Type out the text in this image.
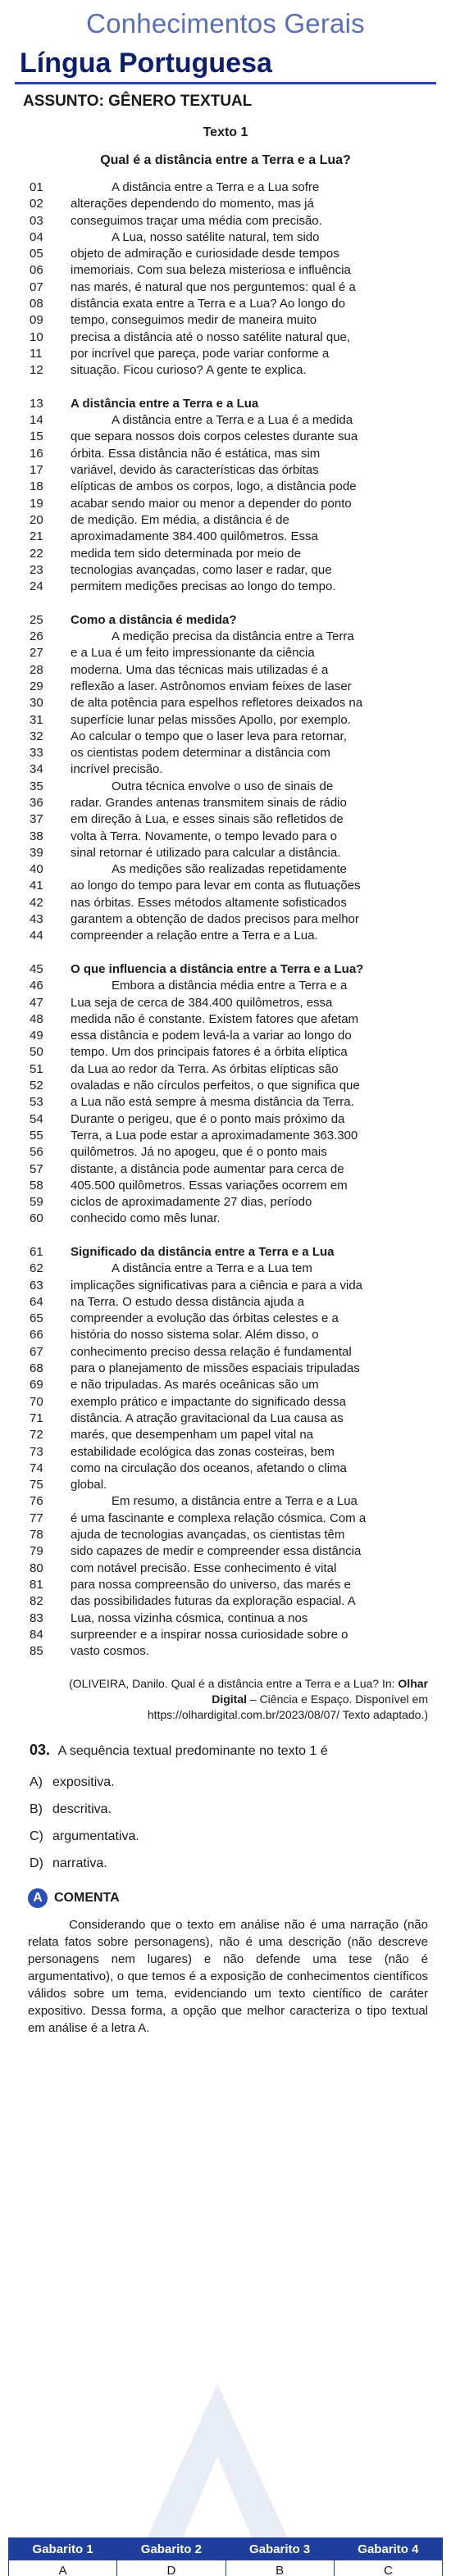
Conhecimentos Gerais
Língua Portuguesa
ASSUNTO: GÊNERO TEXTUAL
Texto 1
Qual é a distância entre a Terra e a Lua?
01	A distância entre a Terra e a Lua sofre
02	alterações dependendo do momento, mas já
03	conseguimos traçar uma média com precisão.
04	A Lua, nosso satélite natural, tem sido
05	objeto de admiração e curiosidade desde tempos
06	imemoriais. Com sua beleza misteriosa e influência
07	nas marés, é natural que nos perguntemos: qual é a
08	distância exata entre a Terra e a Lua? Ao longo do
09	tempo, conseguimos medir de maneira muito
10	precisa a distância até o nosso satélite natural que,
11	por incrível que pareça, pode variar conforme a
12	situação. Ficou curioso? A gente te explica.
13	A distância entre a Terra e a Lua
14	A distância entre a Terra e a Lua é a medida
15	que separa nossos dois corpos celestes durante sua
16	órbita. Essa distância não é estática, mas sim
17	variável, devido às características das órbitas
18	elípticas de ambos os corpos, logo, a distância pode
19	acabar sendo maior ou menor a depender do ponto
20	de medição. Em média, a distância é de
21	aproximadamente 384.400 quilômetros. Essa
22	medida tem sido determinada por meio de
23	tecnologias avançadas, como laser e radar, que
24	permitem medições precisas ao longo do tempo.
25	Como a distância é medida?
26	A medição precisa da distância entre a Terra
27	e a Lua é um feito impressionante da ciência
28	moderna. Uma das técnicas mais utilizadas é a
29	reflexão a laser. Astrônomos enviam feixes de laser
30	de alta potência para espelhos refletores deixados na
31	superfície lunar pelas missões Apollo, por exemplo.
32	Ao calcular o tempo que o laser leva para retornar,
33	os cientistas podem determinar a distância com
34	incrível precisão.
35	Outra técnica envolve o uso de sinais de
36	radar. Grandes antenas transmitem sinais de rádio
37	em direção à Lua, e esses sinais são refletidos de
38	volta à Terra. Novamente, o tempo levado para o
39	sinal retornar é utilizado para calcular a distância.
40	As medições são realizadas repetidamente
41	ao longo do tempo para levar em conta as flutuações
42	nas órbitas. Esses métodos altamente sofisticados
43	garantem a obtenção de dados precisos para melhor
44	compreender a relação entre a Terra e a Lua.
45	O que influencia a distância entre a Terra e a Lua?
46	Embora a distância média entre a Terra e a
47	Lua seja de cerca de 384.400 quilômetros, essa
48	medida não é constante. Existem fatores que afetam
49	essa distância e podem levá-la a variar ao longo do
50	tempo. Um dos principais fatores é a órbita elíptica
51	da Lua ao redor da Terra. As órbitas elípticas são
52	ovaladas e não círculos perfeitos, o que significa que
53	a Lua não está sempre à mesma distância da Terra.
54	Durante o perigeu, que é o ponto mais próximo da
55	Terra, a Lua pode estar a aproximadamente 363.300
56	quilômetros. Já no apogeu, que é o ponto mais
57	distante, a distância pode aumentar para cerca de
58	405.500 quilômetros. Essas variações ocorrem em
59	ciclos de aproximadamente 27 dias, período
60	conhecido como mês lunar.
61	Significado da distância entre a Terra e a Lua
62	A distância entre a Terra e a Lua tem
63	implicações significativas para a ciência e para a vida
64	na Terra. O estudo dessa distância ajuda a
65	compreender a evolução das órbitas celestes e a
66	história do nosso sistema solar. Além disso, o
67	conhecimento preciso dessa relação é fundamental
68	para o planejamento de missões espaciais tripuladas
69	e não tripuladas. As marés oceânicas são um
70	exemplo prático e impactante do significado dessa
71	distância. A atração gravitacional da Lua causa as
72	marés, que desempenham um papel vital na
73	estabilidade ecológica das zonas costeiras, bem
74	como na circulação dos oceanos, afetando o clima
75	global.
76	Em resumo, a distância entre a Terra e a Lua
77	é uma fascinante e complexa relação cósmica. Com a
78	ajuda de tecnologias avançadas, os cientistas têm
79	sido capazes de medir e compreender essa distância
80	com notável precisão. Esse conhecimento é vital
81	para nossa compreensão do universo, das marés e
82	das possibilidades futuras da exploração espacial. A
83	Lua, nossa vizinha cósmica, continua a nos
84	surpreender e a inspirar nossa curiosidade sobre o
85	vasto cosmos.
(OLIVEIRA, Danilo. Qual é a distância entre a Terra e a Lua? In: Olhar Digital – Ciência e Espaço. Disponível em https://olhardigital.com.br/2023/08/07/ Texto adaptado.)
03. A sequência textual predominante no texto 1 é
A) expositiva.
B) descritiva.
C) argumentativa.
D) narrativa.
A COMENTA
Considerando que o texto em análise não é uma narração (não relata fatos sobre personagens), não é uma descrição (não descreve personagens nem lugares) e não defende uma tese (não é argumentativo), o que temos é a exposição de conhecimentos científicos válidos sobre um tema, evidenciando um texto científico de caráter expositivo. Dessa forma, a opção que melhor caracteriza o tipo textual em análise é a letra A.
Gabarito 1	Gabarito 2	Gabarito 3	Gabarito 4
A	D	B	C
